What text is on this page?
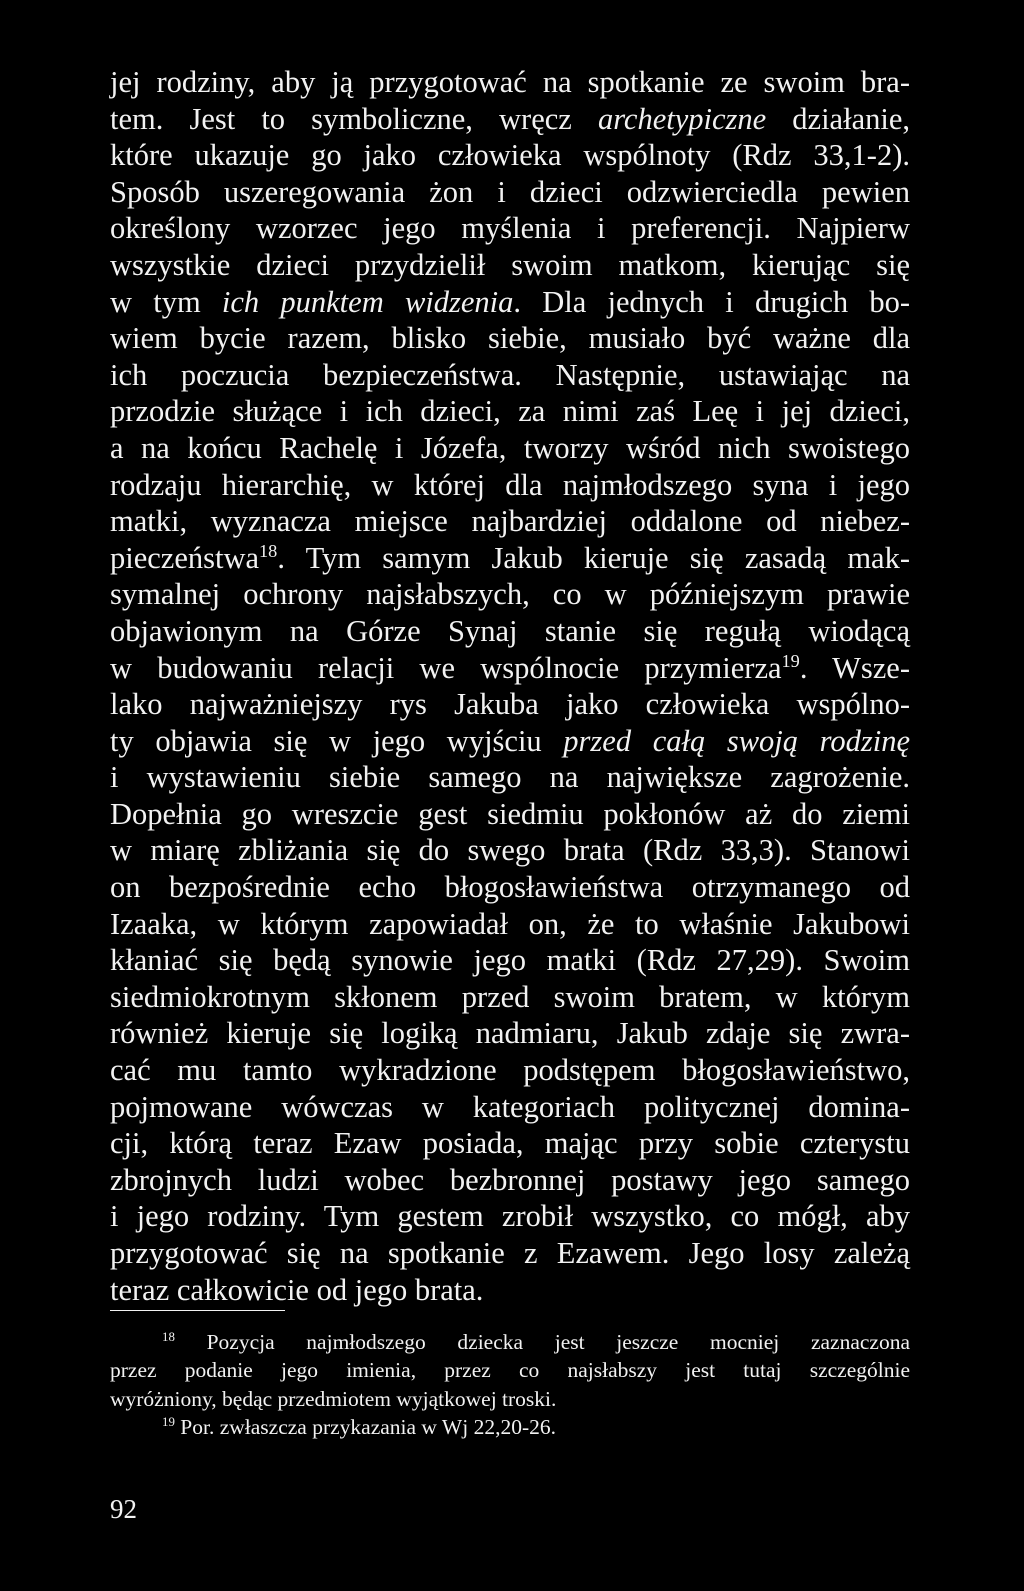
jej rodziny, aby ją przygotować na spotkanie ze swoim bra-
tem. Jest to symboliczne, wręcz archetypiczne działanie,
które ukazuje go jako człowieka wspólnoty (Rdz 33,1-2).
Sposób uszeregowania żon i dzieci odzwierciedla pewien
określony wzorzec jego myślenia i preferencji. Najpierw
wszystkie dzieci przydzielił swoim matkom, kierując się
w tym ich punktem widzenia. Dla jednych i drugich bo-
wiem bycie razem, blisko siebie, musiało być ważne dla
ich poczucia bezpieczeństwa. Następnie, ustawiając na
przodzie służące i ich dzieci, za nimi zaś Leę i jej dzieci,
a na końcu Rachelę i Józefa, tworzy wśród nich swoistego
rodzaju hierarchię, w której dla najmłodszego syna i jego
matki, wyznacza miejsce najbardziej oddalone od niebez-
pieczeństwa$^{18}$. Tym samym Jakub kieruje się zasadą mak-
symalnej ochrony najsłabszych, co w późniejszym prawie
objawionym na Górze Synaj stanie się regułą wiodącą
w budowaniu relacji we wspólnocie przymierza$^{19}$. Wsze-
lako najważniejszy rys Jakuba jako człowieka wspólno-
ty objawia się w jego wyjściu przed całą swoją rodzinę
i wystawieniu siebie samego na największe zagrożenie.
Dopełnia go wreszcie gest siedmiu pokłonów aż do ziemi
w miarę zbliżania się do swego brata (Rdz 33,3). Stanowi
on bezpośrednie echo błogosławieństwa otrzymanego od
Izaaka, w którym zapowiadał on, że to właśnie Jakubowi
kłaniać się będą synowie jego matki (Rdz 27,29). Swoim
siedmiokrotnym skłonem przed swoim bratem, w którym
również kieruje się logiką nadmiaru, Jakub zdaje się zwra-
cać mu tamto wykradzione podstępem błogosławieństwo,
pojmowane wówczas w kategoriach politycznej domina-
cji, którą teraz Ezaw posiada, mając przy sobie czterystu
zbrojnych ludzi wobec bezbronnej postawy jego samego
i jego rodziny. Tym gestem zrobił wszystko, co mógł, aby
przygotować się na spotkanie z Ezawem. Jego losy zależą
teraz całkowicie od jego brata.
$^{18}$ Pozycja najmłodszego dziecka jest jeszcze mocniej zaznaczona
przez podanie jego imienia, przez co najsłabszy jest tutaj szczególnie
wyróżniony, będąc przedmiotem wyjątkowej troski.
$^{19}$ Por. zwłaszcza przykazania w Wj 22,20-26.
92
